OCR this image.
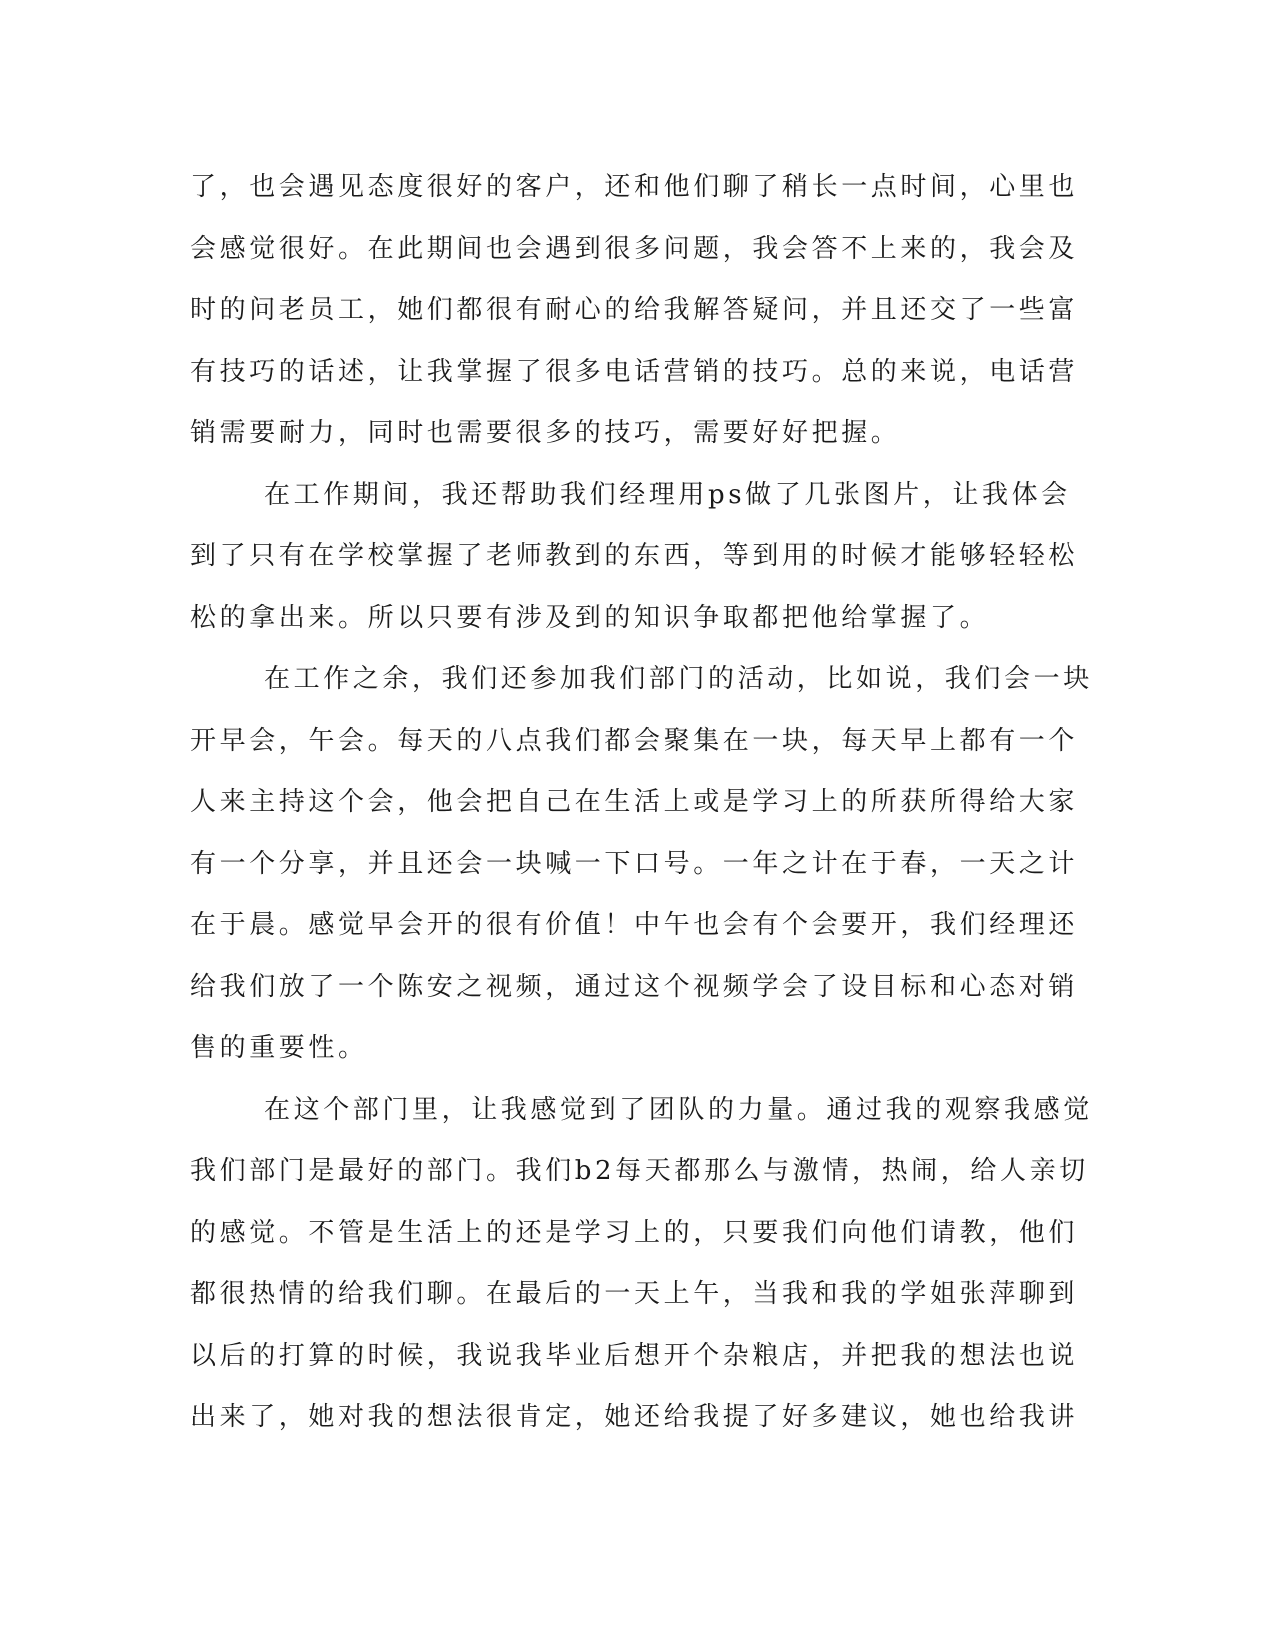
了，也会遇见态度很好的客户，还和他们聊了稍长一点时间，心里也
会感觉很好。在此期间也会遇到很多问题，我会答不上来的，我会及
时的问老员工，她们都很有耐心的给我解答疑问，并且还交了一些富
有技巧的话述，让我掌握了很多电话营销的技巧。总的来说，电话营
销需要耐力，同时也需要很多的技巧，需要好好把握。
在工作期间，我还帮助我们经理用ps做了几张图片，让我体会
到了只有在学校掌握了老师教到的东西，等到用的时候才能够轻轻松
松的拿出来。所以只要有涉及到的知识争取都把他给掌握了。
在工作之余，我们还参加我们部门的活动，比如说，我们会一块
开早会，午会。每天的八点我们都会聚集在一块，每天早上都有一个
人来主持这个会，他会把自己在生活上或是学习上的所获所得给大家
有一个分享，并且还会一块喊一下口号。一年之计在于春，一天之计
在于晨。感觉早会开的很有价值！中午也会有个会要开，我们经理还
给我们放了一个陈安之视频，通过这个视频学会了设目标和心态对销
售的重要性。
在这个部门里，让我感觉到了团队的力量。通过我的观察我感觉
我们部门是最好的部门。我们b2每天都那么与激情，热闹，给人亲切
的感觉。不管是生活上的还是学习上的，只要我们向他们请教，他们
都很热情的给我们聊。在最后的一天上午，当我和我的学姐张萍聊到
以后的打算的时候，我说我毕业后想开个杂粮店，并把我的想法也说
出来了，她对我的想法很肯定，她还给我提了好多建议，她也给我讲
